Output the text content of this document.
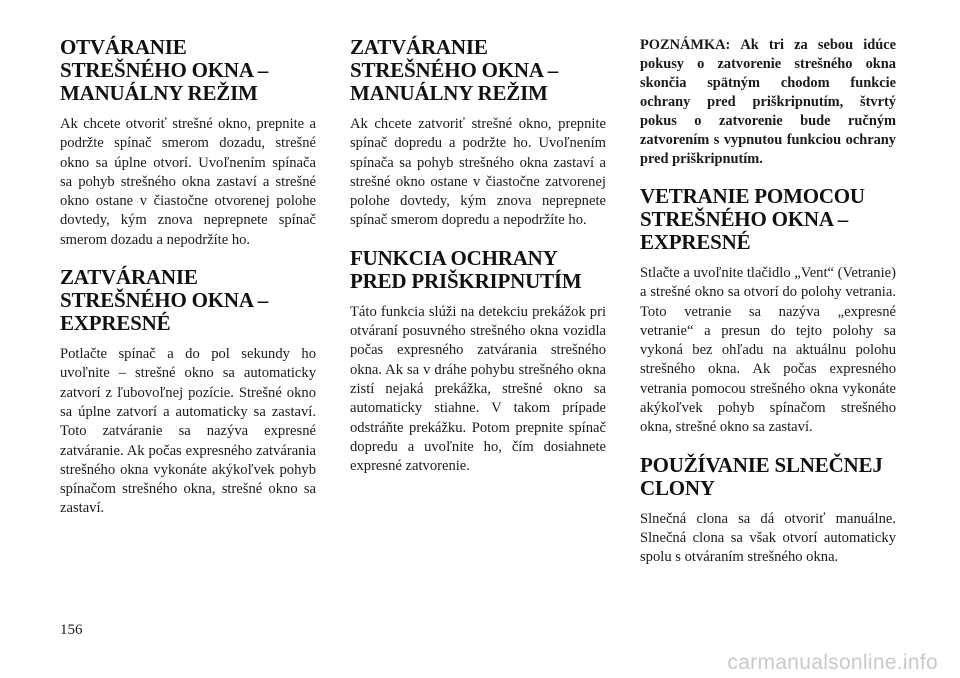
OTVÁRANIE STREŠNÉHO OKNA – MANUÁLNY REŽIM

Ak chcete otvoriť strešné okno, prepnite a podržte spínač smerom dozadu, strešné okno sa úplne otvorí. Uvoľnením spínača sa pohyb strešného okna zastaví a strešné okno ostane v čiastočne otvorenej polohe dovtedy, kým znova neprepnete spínač smerom dozadu a nepodržíte ho.

ZATVÁRANIE STREŠNÉHO OKNA – EXPRESNÉ

Potlačte spínač a do pol sekundy ho uvoľnite – strešné okno sa automaticky zatvorí z ľubovoľnej pozície. Strešné okno sa úplne zatvorí a automaticky sa zastaví. Toto zatváranie sa nazýva expresné zatváranie. Ak počas expresného zatvárania strešného okna vykonáte akýkoľvek pohyb spínačom strešného okna, strešné okno sa zastaví.

ZATVÁRANIE STREŠNÉHO OKNA – MANUÁLNY REŽIM

Ak chcete zatvoriť strešné okno, prepnite spínač dopredu a podržte ho. Uvoľnením spínača sa pohyb strešného okna zastaví a strešné okno ostane v čiastočne zatvorenej polohe dovtedy, kým znova neprepnete spínač smerom dopredu a nepodržíte ho.

FUNKCIA OCHRANY PRED PRIŠKRIPNUTÍM

Táto funkcia slúži na detekciu prekážok pri otváraní posuvného strešného okna vozidla počas expresného zatvárania strešného okna. Ak sa v dráhe pohybu strešného okna zistí nejaká prekážka, strešné okno sa automaticky stiahne. V takom prípade odstráňte prekážku. Potom prepnite spínač dopredu a uvoľnite ho, čím dosiahnete expresné zatvorenie.

POZNÁMKA: Ak tri za sebou idúce pokusy o zatvorenie strešného okna skončia spätným chodom funkcie ochrany pred priškripnutím, štvrtý pokus o zatvorenie bude ručným zatvorením s vypnutou funkciou ochrany pred priškripnutím.

VETRANIE POMOCOU STREŠNÉHO OKNA – EXPRESNÉ

Stlačte a uvoľnite tlačidlo „Vent“ (Vetranie) a strešné okno sa otvorí do polohy vetrania. Toto vetranie sa nazýva „expresné vetranie“ a presun do tejto polohy sa vykoná bez ohľadu na aktuálnu polohu strešného okna. Ak počas expresného vetrania pomocou strešného okna vykonáte akýkoľvek pohyb spínačom strešného okna, strešné okno sa zastaví.

POUŽÍVANIE SLNEČNEJ CLONY

Slnečná clona sa dá otvoriť manuálne. Slnečná clona sa však otvorí automaticky spolu s otváraním strešného okna.

156
carmanualsonline.info
